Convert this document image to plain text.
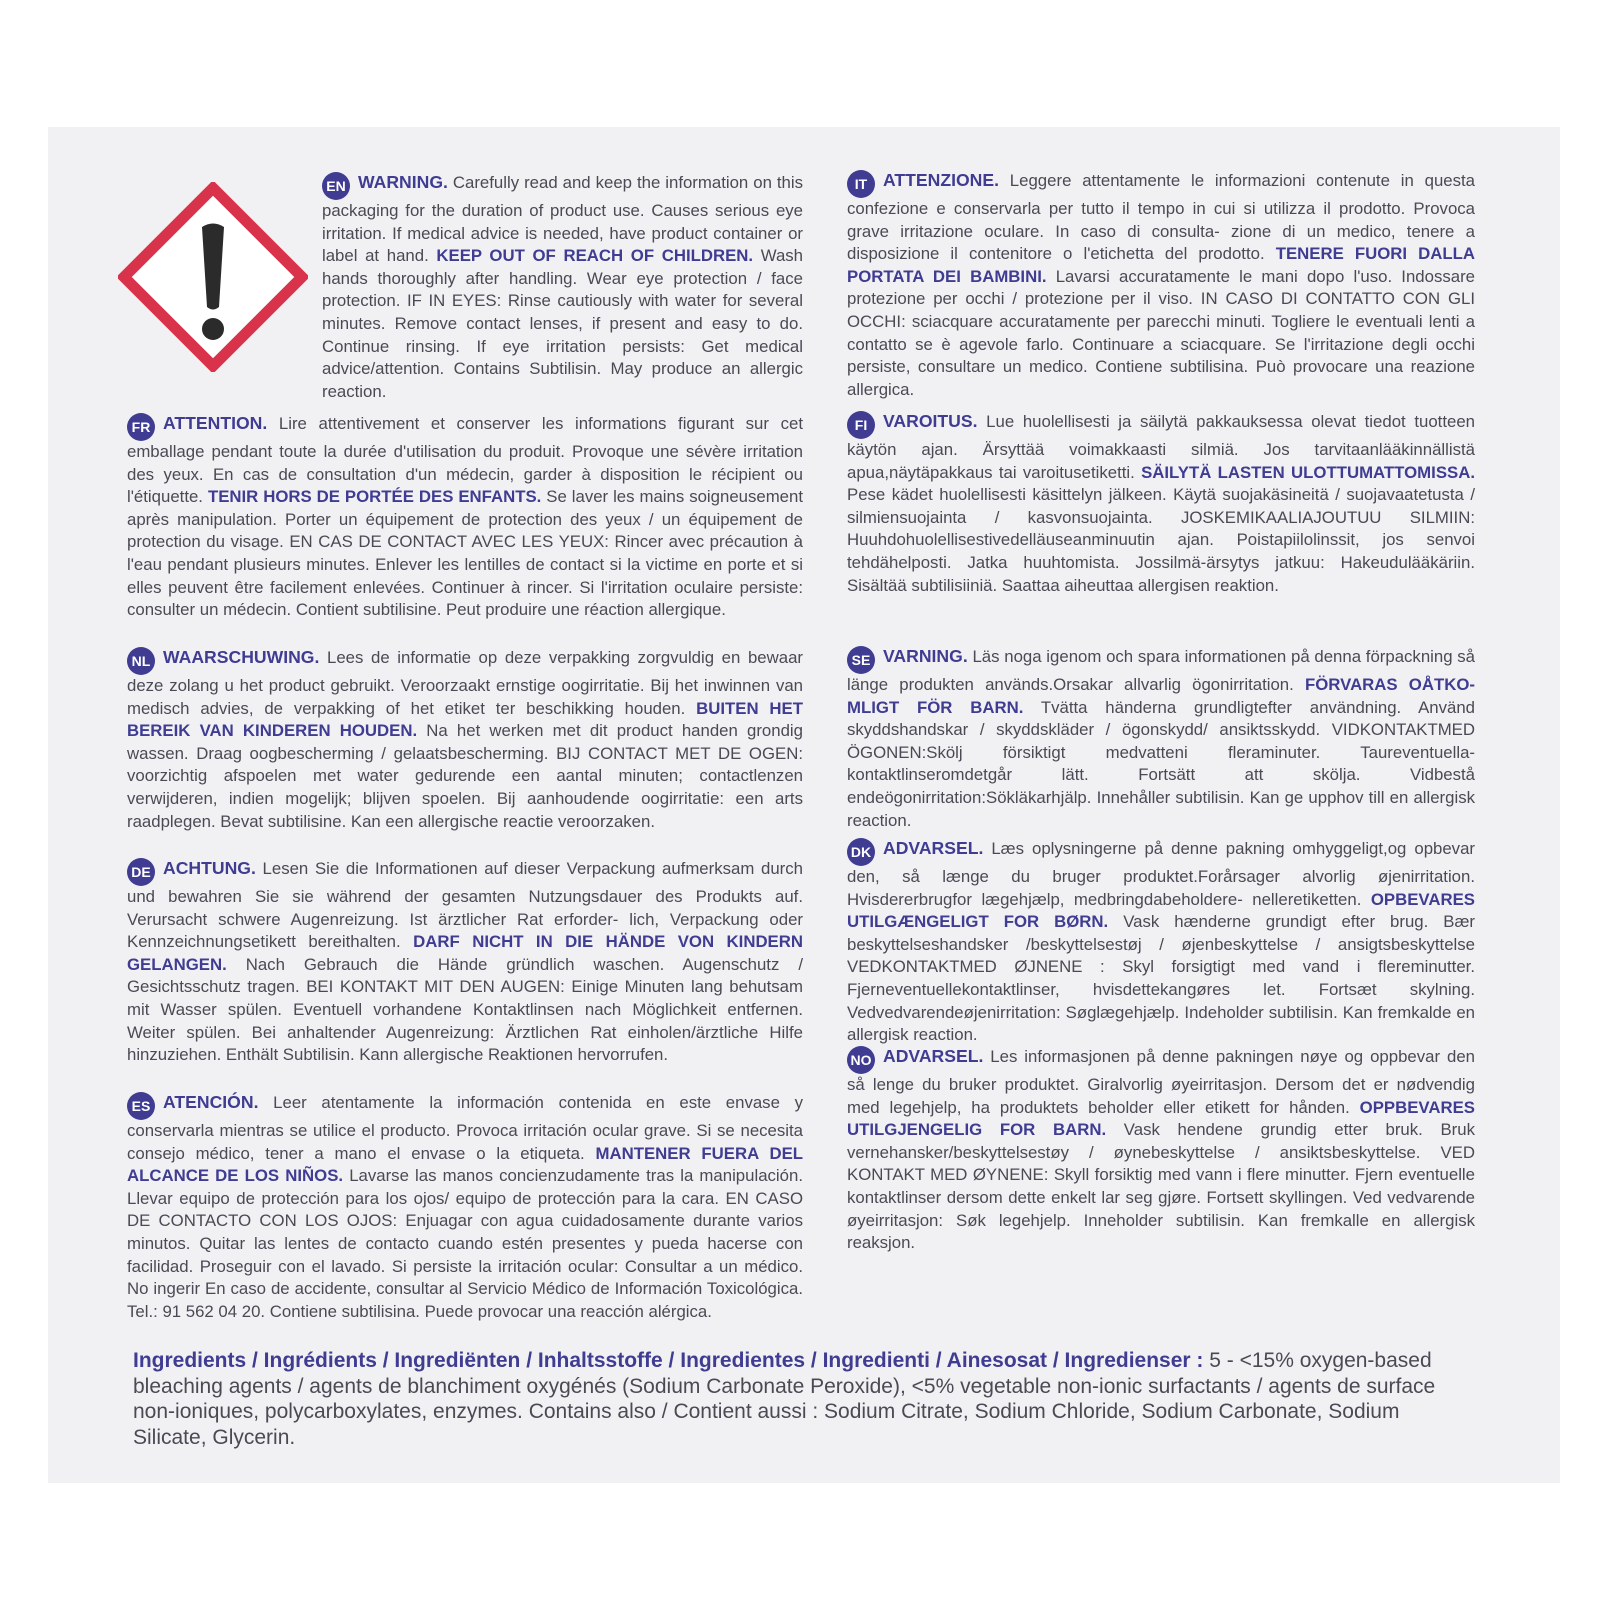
EN WARNING. Carefully read and keep the information on this packaging for the duration of product use. Causes serious eye irritation. If medical advice is needed, have product container or label at hand. KEEP OUT OF REACH OF CHILDREN. Wash hands thoroughly after handling. Wear eye protection / face protection. IF IN EYES: Rinse cautiously with water for several minutes. Remove contact lenses, if present and easy to do. Continue rinsing. If eye irritation persists: Get medical advice/attention. Contains Subtilisin. May produce an allergic reaction.
FR ATTENTION. Lire attentivement et conserver les informations figurant sur cet emballage pendant toute la durée d'utilisation du produit. Provoque une sévère irritation des yeux. En cas de consultation d'un médecin, garder à disposition le récipient ou l'étiquette. TENIR HORS DE PORTÉE DES ENFANTS. Se laver les mains soigneusement après manipulation. Porter un équipement de protection des yeux / un équipement de protection du visage. EN CAS DE CONTACT AVEC LES YEUX: Rincer avec précaution à l'eau pendant plusieurs minutes. Enlever les lentilles de contact si la victime en porte et si elles peuvent être facilement enlevées. Continuer à rincer. Si l'irritation oculaire persiste: consulter un médecin. Contient subtilisine. Peut produire une réaction allergique.
NL WAARSCHUWING. Lees de informatie op deze verpakking zorgvuldig en bewaar deze zolang u het product gebruikt. Veroorzaakt ernstige oogirritatie. Bij het inwinnen van medisch advies, de verpakking of het etiket ter beschikking houden. BUITEN HET BEREIK VAN KINDEREN HOUDEN. Na het werken met dit product handen grondig wassen. Draag oogbescherming / gelaatsbescherming. BIJ CONTACT MET DE OGEN: voorzichtig afspoelen met water gedurende een aantal minuten; contactlenzen verwijderen, indien mogelijk; blijven spoelen. Bij aanhoudende oogirritatie: een arts raadplegen. Bevat subtilisine. Kan een allergische reactie veroorzaken.
DE ACHTUNG. Lesen Sie die Informationen auf dieser Verpackung aufmerksam durch und bewahren Sie sie während der gesamten Nutzungsdauer des Produkts auf. Verursacht schwere Augenreizung. Ist ärztlicher Rat erforder- lich, Verpackung oder Kennzeichnungsetikett bereithalten. DARF NICHT IN DIE HÄNDE VON KINDERN GELANGEN. Nach Gebrauch die Hände gründlich waschen. Augenschutz / Gesichtsschutz tragen. BEI KONTAKT MIT DEN AUGEN: Einige Minuten lang behutsam mit Wasser spülen. Eventuell vorhandene Kontaktlinsen nach Möglichkeit entfernen. Weiter spülen. Bei anhaltender Augenreizung: Ärztlichen Rat einholen/ärztliche Hilfe hinzuziehen. Enthält Subtilisin. Kann allergische Reaktionen hervorrufen.
ES ATENCIÓN. Leer atentamente la información contenida en este envase y conservarla mientras se utilice el producto. Provoca irritación ocular grave. Si se necesita consejo médico, tener a mano el envase o la etiqueta. MANTENER FUERA DEL ALCANCE DE LOS NIÑOS. Lavarse las manos concienzudamente tras la manipulación. Llevar equipo de protección para los ojos/ equipo de protección para la cara. EN CASO DE CONTACTO CON LOS OJOS: Enjuagar con agua cuidadosamente durante varios minutos. Quitar las lentes de contacto cuando estén presentes y pueda hacerse con facilidad. Proseguir con el lavado. Si persiste la irritación ocular: Consultar a un médico. No ingerir En caso de accidente, consultar al Servicio Médico de Información Toxicológica. Tel.: 91 562 04 20. Contiene subtilisina. Puede provocar una reacción alérgica.
IT ATTENZIONE. Leggere attentamente le informazioni contenute in questa confezione e conservarla per tutto il tempo in cui si utilizza il prodotto. Provoca grave irritazione oculare. In caso di consulta- zione di un medico, tenere a disposizione il contenitore o l'etichetta del prodotto. TENERE FUORI DALLA PORTATA DEI BAMBINI. Lavarsi accuratamente le mani dopo l'uso. Indossare protezione per occhi / protezione per il viso. IN CASO DI CONTATTO CON GLI OCCHI: sciacquare accuratamente per parecchi minuti. Togliere le eventuali lenti a contatto se è agevole farlo. Continuare a sciacquare. Se l'irritazione degli occhi persiste, consultare un medico. Contiene subtilisina. Può provocare una reazione allergica.
FI VAROITUS. Lue huolellisesti ja säilytä pakkauksessa olevat tiedot tuotteen käytön ajan. Ärsyttää voimakkaasti silmiä. Jos tarvitaanlääkinnällistä apua,näytäpakkaus tai varoitusetiketti. SÄILYTÄ LASTEN ULOTTUMATTOMISSA. Pese kädet huolellisesti käsittelyn jälkeen. Käytä suojakäsineitä / suojavaatetusta / silmiensuojainta / kasvonsuojainta. JOSKEMIKAALIAJOUTUU SILMIIN: Huuhdohuolellisestivedelläuseanminuutin ajan. Poistapiilolinssit, jos senvoi tehdähelposti. Jatka huuhtomista. Jossilmä-ärsytys jatkuu: Hakeudulääkäriin. Sisältää subtilisiiniä. Saattaa aiheuttaa allergisen reaktion.
SE VARNING. Läs noga igenom och spara informationen på denna förpackning så länge produkten används.Orsakar allvarlig ögonirritation. FÖRVARAS OÅTKO- MLIGT FÖR BARN. Tvätta händerna grundligtefter användning. Använd skyddshandskar / skyddskläder / ögonskydd/ ansiktsskydd. VIDKONTAKTMED ÖGONEN:Skölj försiktigt medvatteni fleraminuter. Taureventuella- kontaktlinseromdetgår lätt. Fortsätt att skölja. Vidbestå endeögonirritation:Sökläkarhjälp. Innehåller subtilisin. Kan ge upphov till en allergisk reaction.
DK ADVARSEL. Læs oplysningerne på denne pakning omhyggeligt,og opbevar den, så længe du bruger produktet.Forårsager alvorlig øjenirritation. Hvisdererbrugfor lægehjælp, medbringdabeholdere- nelleretiketten. OPBEVARES UTILGÆNGELIGT FOR BØRN. Vask hænderne grundigt efter brug. Bær beskyttelseshandsker /beskyttelsestøj / øjenbeskyttelse / ansigtsbeskyttelse VEDKONTAKTMED ØJNENE : Skyl forsigtigt med vand i flereminutter. Fjerneventuellekontaktlinser, hvisdettekangøres let. Fortsæt skylning. Vedvedvarendeøjenirritation: Søglægehjælp. Indeholder subtilisin. Kan fremkalde en allergisk reaction.
NO ADVARSEL. Les informasjonen på denne pakningen nøye og oppbevar den så lenge du bruker produktet. Giralvorlig øyeirritasjon. Dersom det er nødvendig med legehjelp, ha produktets beholder eller etikett for hånden. OPPBEVARES UTILGJENGELIG FOR BARN. Vask hendene grundig etter bruk. Bruk vernehansker/beskyttelsestøy / øynebeskyttelse / ansiktsbeskyttelse. VED KONTAKT MED ØYNENE: Skyll forsiktig med vann i flere minutter. Fjern eventuelle kontaktlinser dersom dette enkelt lar seg gjøre. Fortsett skyllingen. Ved vedvarende øyeirritasjon: Søk legehjelp. Inneholder subtilisin. Kan fremkalle en allergisk reaksjon.
Ingredients / Ingrédients / Ingrediënten / Inhaltsstoffe / Ingredientes / Ingredienti / Ainesosat / Ingredienser : 5 - <15% oxygen-based bleaching agents / agents de blanchiment oxygénés (Sodium Carbonate Peroxide), <5% vegetable non-ionic surfactants / agents de surface non-ioniques, polycarboxylates, enzymes. Contains also / Contient aussi : Sodium Citrate, Sodium Chloride, Sodium Carbonate, Sodium Silicate, Glycerin.
